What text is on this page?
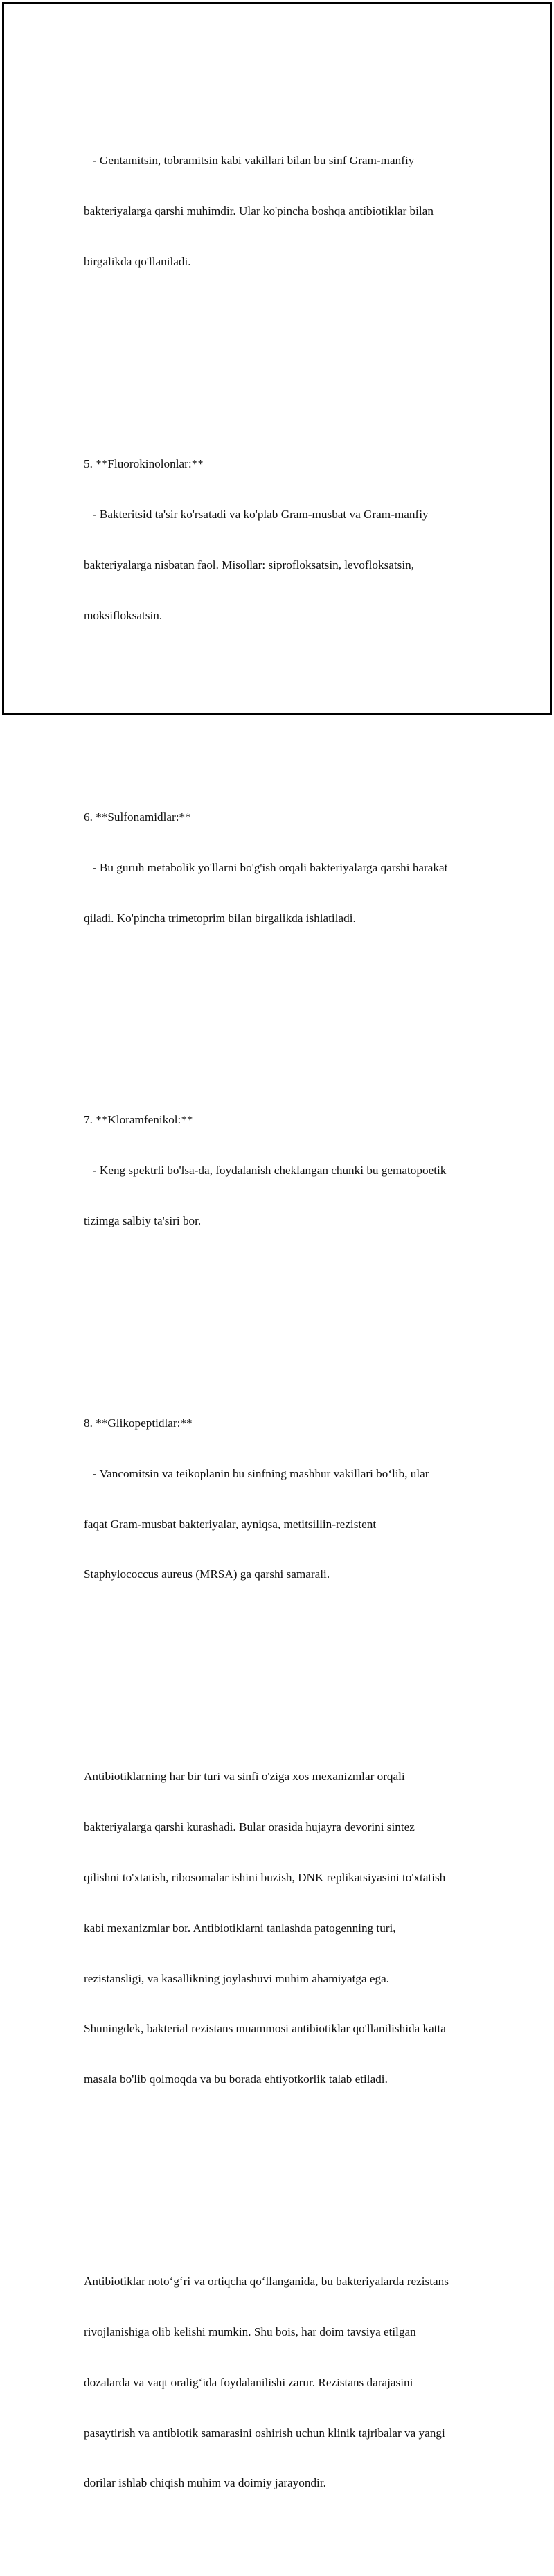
- Gentamitsin, tobramitsin kabi vakillari bilan bu sinf Gram-manfiy

bakteriyalarga qarshi muhimdir. Ular ko'pincha boshqa antibiotiklar bilan

birgalikda qo'llaniladi.

5. **Fluorokinolonlar:**

- Bakteritsid ta'sir ko'rsatadi va ko'plab Gram-musbat va Gram-manfiy

bakteriyalarga nisbatan faol. Misollar: siprofloksatsin, levofloksatsin,

moksifloksatsin.

6. **Sulfonamidlar:**

- Bu guruh metabolik yo'llarni bo'g'ish orqali bakteriyalarga qarshi harakat

qiladi. Ko'pincha trimetoprim bilan birgalikda ishlatiladi.

7. **Kloramfenikol:**

- Keng spektrli bo'lsa-da, foydalanish cheklangan chunki bu gematopoetik

tizimga salbiy ta'siri bor.

8. **Glikopeptidlar:**

- Vancomitsin va teikoplanin bu sinfning mashhur vakillari bo‘lib, ular

faqat Gram-musbat bakteriyalar, ayniqsa, metitsillin-rezistent

Staphylococcus aureus (MRSA) ga qarshi samarali.

Antibiotiklarning har bir turi va sinfi o'ziga xos mexanizmlar orqali

bakteriyalarga qarshi kurashadi. Bular orasida hujayra devorini sintez

qilishni to'xtatish, ribosomalar ishini buzish, DNK replikatsiyasini to'xtatish

kabi mexanizmlar bor. Antibiotiklarni tanlashda patogenning turi,

rezistansligi, va kasallikning joylashuvi muhim ahamiyatga ega.

Shuningdek, bakterial rezistans muammosi antibiotiklar qo'llanilishida katta

masala bo'lib qolmoqda va bu borada ehtiyotkorlik talab etiladi.

Antibiotiklar noto‘g‘ri va ortiqcha qo‘llanganida, bu bakteriyalarda rezistans

rivojlanishiga olib kelishi mumkin. Shu bois, har doim tavsiya etilgan

dozalarda va vaqt oralig‘ida foydalanilishi zarur. Rezistans darajasini

pasaytirish va antibiotik samarasini oshirish uchun klinik tajribalar va yangi

dorilar ishlab chiqish muhim va doimiy jarayondir.
